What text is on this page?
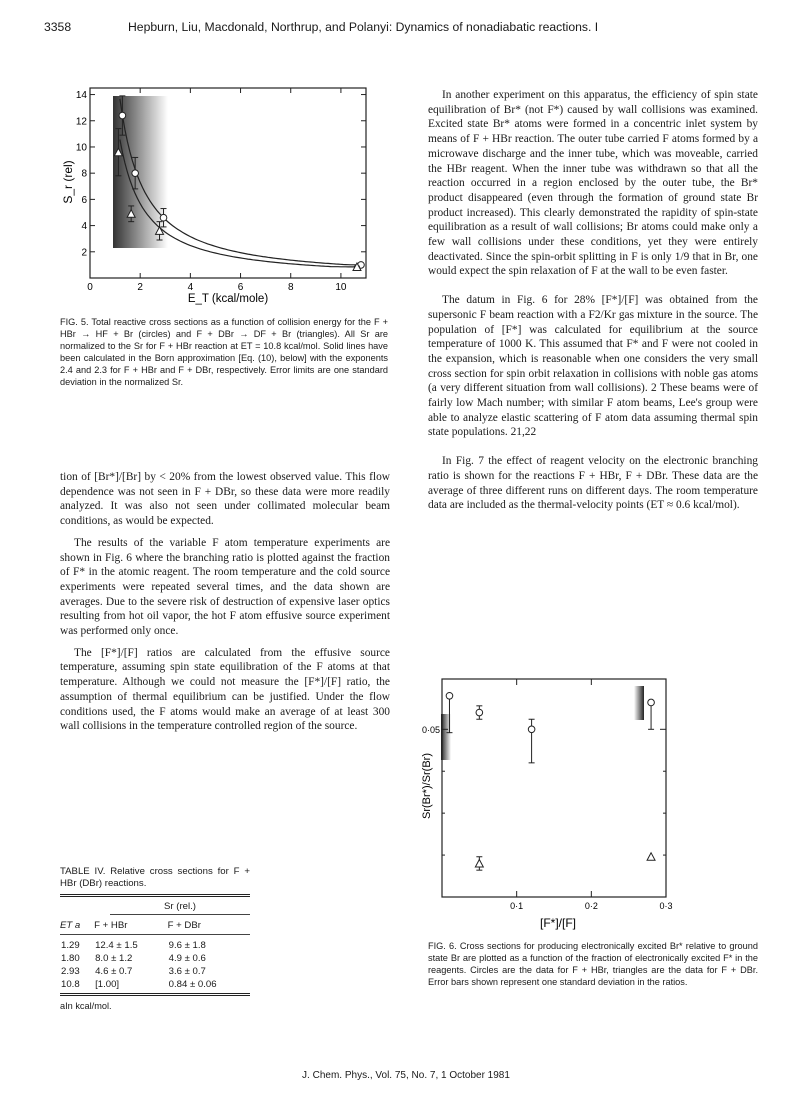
3358	Hepburn, Liu, Macdonald, Northrup, and Polanyi: Dynamics of nonadiabatic reactions. I
0	2	4	6	8	10
2
4
6
8
10
12
14
S_r (rel)
E_T (kcal/mole)
FIG. 5. Total reactive cross sections as a function of collision energy for the F + HBr → HF + Br (circles) and F + DBr → DF + Br (triangles). All Sr are normalized to the Sr for F + HBr reaction at ET = 10.8 kcal/mol. Solid lines have been calculated in the Born approximation [Eq. (10), below] with the exponents 2.4 and 2.3 for F + HBr and F + DBr, respectively. Error limits are one standard deviation in the normalized Sr.

tion of [Br*]/[Br] by < 20% from the lowest observed value. This flow dependence was not seen in F + DBr, so these data were more readily analyzed. It was also not seen under collimated molecular beam conditions, as would be expected.

The results of the variable F atom temperature experiments are shown in Fig. 6 where the branching ratio is plotted against the fraction of F* in the atomic reagent. The room temperature and the cold source experiments were repeated several times, and the data shown are averages. Due to the severe risk of destruction of expensive laser optics resulting from hot oil vapor, the hot F atom effusive source experiment was performed only once.

The [F*]/[F] ratios are calculated from the effusive source temperature, assuming spin state equilibration of the F atoms at that temperature. Although we could not measure the [F*]/[F] ratio, the assumption of thermal equilibrium can be justified. Under the flow conditions used, the F atoms would make an average of at least 300 wall collisions in the temperature controlled region of the source.

TABLE IV. Relative cross sections for F + HBr (DBr) reactions.
Sr (rel.)
ET a	F + HBr	F + DBr
1.29	12.4 ± 1.5	9.6 ± 1.8
1.80	8.0 ± 1.2	4.9 ± 0.6
2.93	4.6 ± 0.7	3.6 ± 0.7
10.8	[1.00]	0.84 ± 0.06
aIn kcal/mol.

In another experiment on this apparatus, the efficiency of spin state equilibration of Br* (not F*) caused by wall collisions was examined. Excited state Br* atoms were formed in a concentric inlet system by means of F + HBr reaction. The outer tube carried F atoms formed by a microwave discharge and the inner tube, which was moveable, carried the HBr reagent. When the inner tube was withdrawn so that all the reaction occurred in a region enclosed by the outer tube, the Br* product disappeared (even through the formation of ground state Br product increased). This clearly demonstrated the rapidity of spin-state equilibration as a result of wall collisions; Br atoms could make only a few wall collisions under these conditions, yet they were entirely deactivated. Since the spin-orbit splitting in F is only 1/9 that in Br, one would expect the spin relaxation of F at the wall to be even faster.

The datum in Fig. 6 for 28% [F*]/[F] was obtained from the supersonic F beam reaction with a F2/Kr gas mixture in the source. The population of [F*] was calculated for equilibrium at the source temperature of 1000 K. This assumed that F* and F were not cooled in the expansion, which is reasonable when one considers the very small cross section for spin orbit relaxation in collisions with noble gas atoms (a very different situation from wall collisions). 2 These beams were of fairly low Mach number; with similar F atom beams, Lee's group were able to analyze elastic scattering of F atom data assuming thermal spin state populations. 21,22

In Fig. 7 the effect of reagent velocity on the electronic branching ratio is shown for the reactions F + HBr, F + DBr. These data are the average of three different runs on different days. The room temperature data are included as the thermal-velocity points (ET ≈ 0.6 kcal/mol).

0·1	0·2	0·3
0·05
Sr(Br*)/Sr(Br)
[F*]/[F]
FIG. 6. Cross sections for producing electronically excited Br* relative to ground state Br are plotted as a function of the fraction of electronically excited F* in the reagents. Circles are the data for F + HBr, triangles are the data for F + DBr. Error bars shown represent one standard deviation in the ratios.
J. Chem. Phys., Vol. 75, No. 7, 1 October 1981
